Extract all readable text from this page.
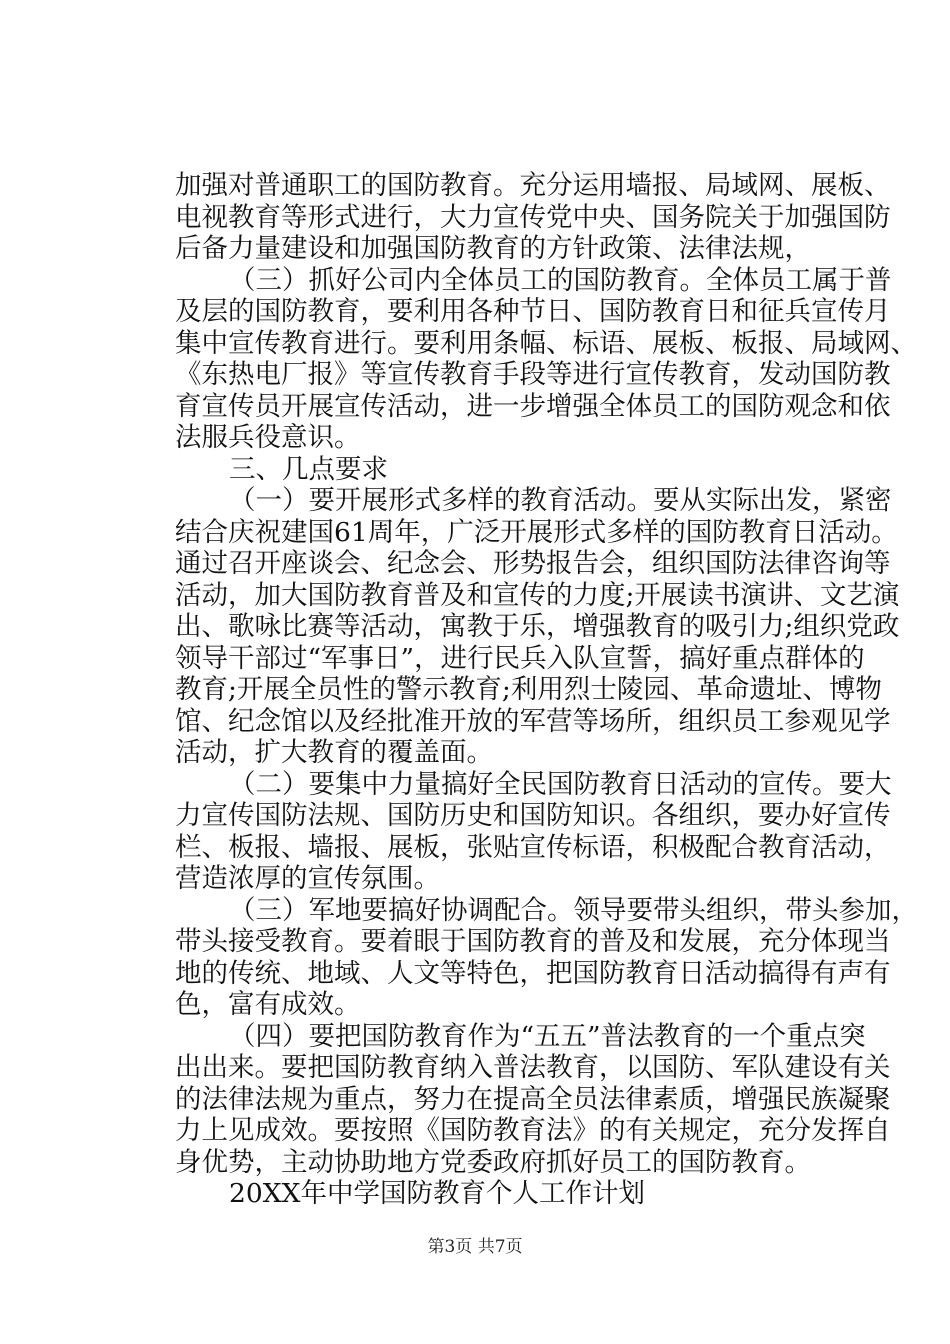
加强对普通职工的国防教育。充分运用墙报、局域网、展板、
电视教育等形式进行，大力宣传党中央、国务院关于加强国防
后备力量建设和加强国防教育的方针政策、法律法规，
（三）抓好公司内全体员工的国防教育。全体员工属于普
及层的国防教育，要利用各种节日、国防教育日和征兵宣传月
集中宣传教育进行。要利用条幅、标语、展板、板报、局域网、
《东热电厂报》等宣传教育手段等进行宣传教育，发动国防教
育宣传员开展宣传活动，进一步增强全体员工的国防观念和依
法服兵役意识。
三、几点要求
（一）要开展形式多样的教育活动。要从实际出发，紧密
结合庆祝建国61周年，广泛开展形式多样的国防教育日活动。
通过召开座谈会、纪念会、形势报告会，组织国防法律咨询等
活动，加大国防教育普及和宣传的力度;开展读书演讲、文艺演
出、歌咏比赛等活动，寓教于乐，增强教育的吸引力;组织党政
领导干部过“军事日”，进行民兵入队宣誓，搞好重点群体的
教育;开展全员性的警示教育;利用烈士陵园、革命遗址、博物
馆、纪念馆以及经批准开放的军营等场所，组织员工参观见学
活动，扩大教育的覆盖面。
（二）要集中力量搞好全民国防教育日活动的宣传。要大
力宣传国防法规、国防历史和国防知识。各组织，要办好宣传
栏、板报、墙报、展板，张贴宣传标语，积极配合教育活动，
营造浓厚的宣传氛围。
（三）军地要搞好协调配合。领导要带头组织，带头参加，
带头接受教育。要着眼于国防教育的普及和发展，充分体现当
地的传统、地域、人文等特色，把国防教育日活动搞得有声有
色，富有成效。
（四）要把国防教育作为“五五”普法教育的一个重点突
出出来。要把国防教育纳入普法教育，以国防、军队建设有关
的法律法规为重点，努力在提高全员法律素质，增强民族凝聚
力上见成效。要按照《国防教育法》的有关规定，充分发挥自
身优势，主动协助地方党委政府抓好员工的国防教育。
20XX年中学国防教育个人工作计划
第3页 共7页
